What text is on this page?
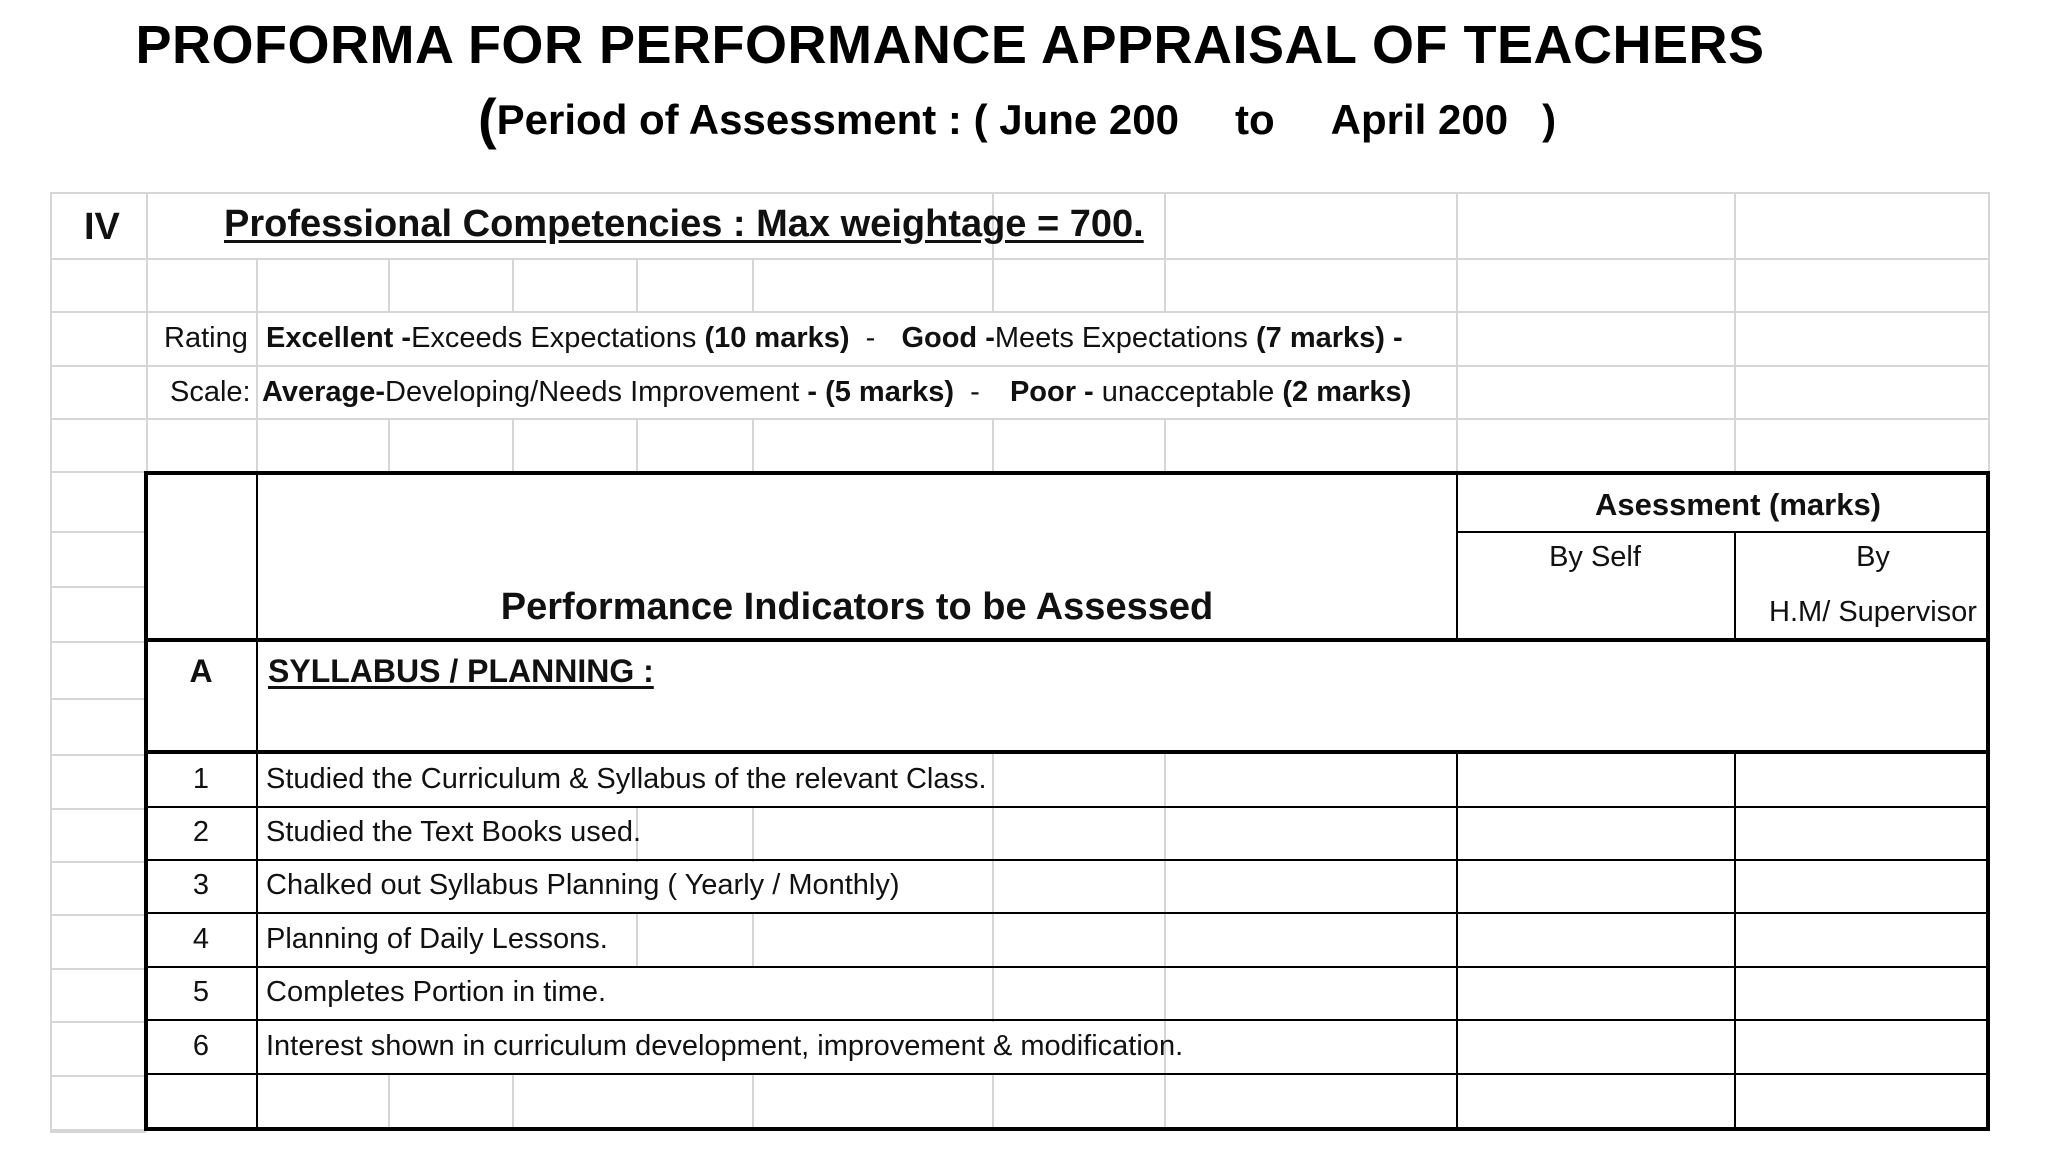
PROFORMA FOR PERFORMANCE APPRAISAL OF TEACHERS
(Period of Assessment : ( June 200 to April 200 )
IV	Professional Competencies : Max weightage = 700.
Rating
Scale:
Excellent -Exceeds Expectations (10 marks)  -  Good -Meets Expectations (7 marks) -
Average-Developing/Needs Improvement - (5 marks)  -  Poor - unacceptable (2 marks)
Asessment (marks)
By Self	By
H.M/ Supervisor
Performance Indicators to be Assessed
A	SYLLABUS / PLANNING :
1	Studied the Curriculum & Syllabus of the relevant Class.
2	Studied the Text Books used.
3	Chalked out Syllabus Planning ( Yearly / Monthly)
4	Planning of Daily Lessons.
5	Completes Portion in time.
6	Interest shown in curriculum development, improvement & modification.
